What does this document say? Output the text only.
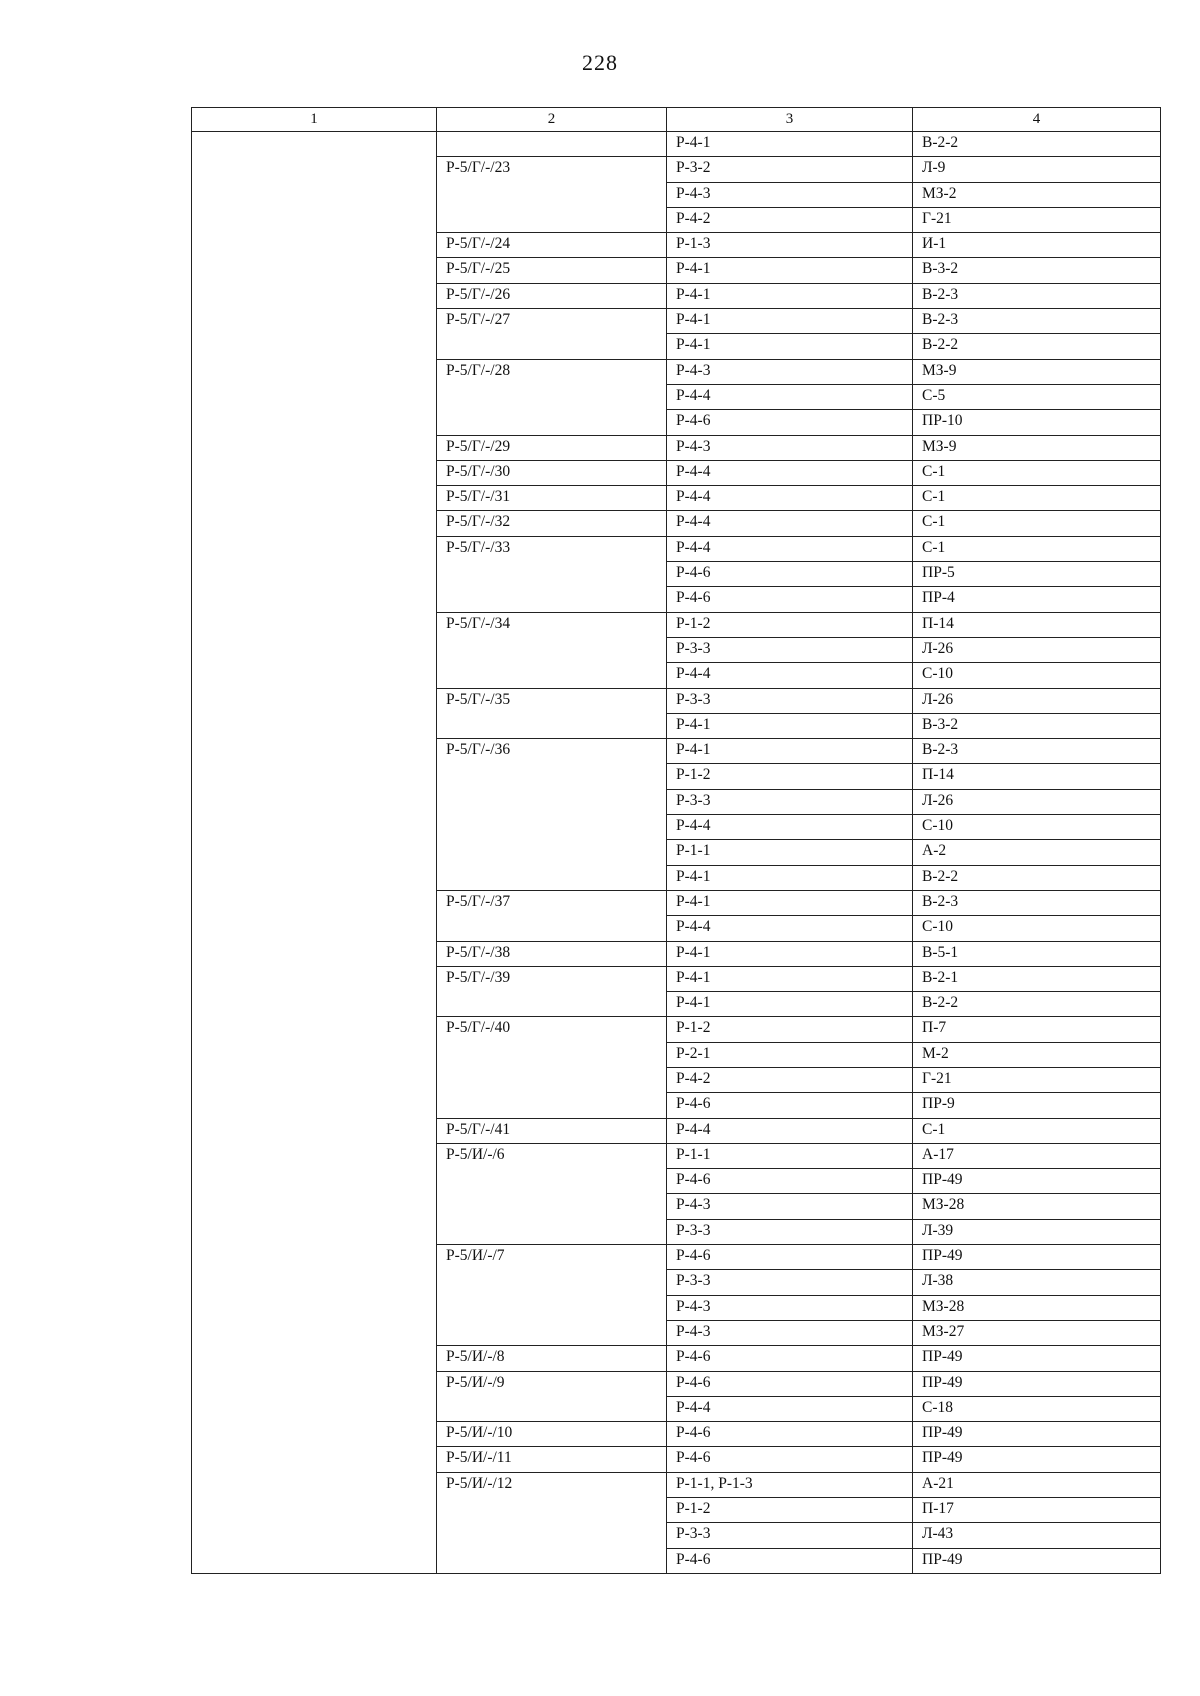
228
1	2	3	4
		Р-4-1	В-2-2
	Р-5/Г/-/23	Р-3-2	Л-9
		Р-4-3	МЗ-2
		Р-4-2	Г-21
	Р-5/Г/-/24	Р-1-3	И-1
	Р-5/Г/-/25	Р-4-1	В-3-2
	Р-5/Г/-/26	Р-4-1	В-2-3
	Р-5/Г/-/27	Р-4-1	В-2-3
		Р-4-1	В-2-2
	Р-5/Г/-/28	Р-4-3	МЗ-9
		Р-4-4	С-5
		Р-4-6	ПР-10
	Р-5/Г/-/29	Р-4-3	МЗ-9
	Р-5/Г/-/30	Р-4-4	С-1
	Р-5/Г/-/31	Р-4-4	С-1
	Р-5/Г/-/32	Р-4-4	С-1
	Р-5/Г/-/33	Р-4-4	С-1
		Р-4-6	ПР-5
		Р-4-6	ПР-4
	Р-5/Г/-/34	Р-1-2	П-14
		Р-3-3	Л-26
		Р-4-4	С-10
	Р-5/Г/-/35	Р-3-3	Л-26
		Р-4-1	В-3-2
	Р-5/Г/-/36	Р-4-1	В-2-3
		Р-1-2	П-14
		Р-3-3	Л-26
		Р-4-4	С-10
		Р-1-1	А-2
		Р-4-1	В-2-2
	Р-5/Г/-/37	Р-4-1	В-2-3
		Р-4-4	С-10
	Р-5/Г/-/38	Р-4-1	В-5-1
	Р-5/Г/-/39	Р-4-1	В-2-1
		Р-4-1	В-2-2
	Р-5/Г/-/40	Р-1-2	П-7
		Р-2-1	М-2
		Р-4-2	Г-21
		Р-4-6	ПР-9
	Р-5/Г/-/41	Р-4-4	С-1
	Р-5/И/-/6	Р-1-1	А-17
		Р-4-6	ПР-49
		Р-4-3	МЗ-28
		Р-3-3	Л-39
	Р-5/И/-/7	Р-4-6	ПР-49
		Р-3-3	Л-38
		Р-4-3	МЗ-28
		Р-4-3	МЗ-27
	Р-5/И/-/8	Р-4-6	ПР-49
	Р-5/И/-/9	Р-4-6	ПР-49
		Р-4-4	С-18
	Р-5/И/-/10	Р-4-6	ПР-49
	Р-5/И/-/11	Р-4-6	ПР-49
	Р-5/И/-/12	Р-1-1, Р-1-3	А-21
		Р-1-2	П-17
		Р-3-3	Л-43
		Р-4-6	ПР-49
